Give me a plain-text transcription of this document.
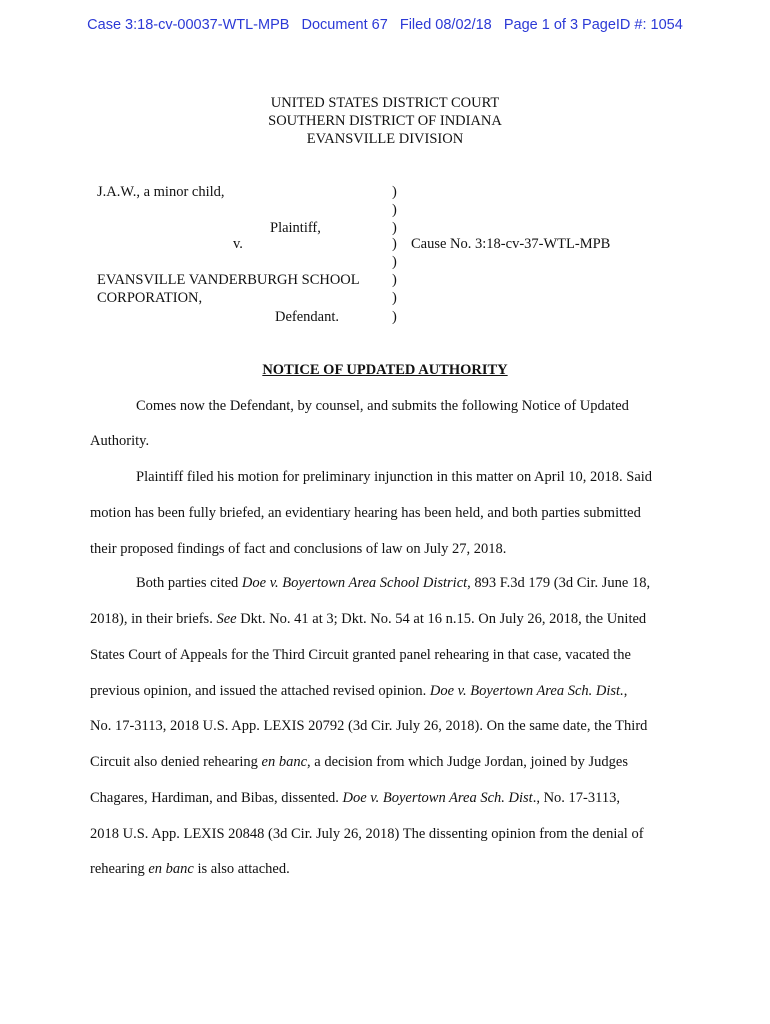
Case 3:18-cv-00037-WTL-MPB   Document 67   Filed 08/02/18   Page 1 of 3 PageID #: 1054
UNITED STATES DISTRICT COURT
SOUTHERN DISTRICT OF INDIANA
EVANSVILLE DIVISION
J.A.W., a minor child,
Plaintiff,
v.
EVANSVILLE VANDERBURGH SCHOOL
CORPORATION,
Defendant.
)
)
)
)
)
)
)
)
Cause No. 3:18-cv-37-WTL-MPB
NOTICE OF UPDATED AUTHORITY
Comes now the Defendant, by counsel, and submits the following Notice of Updated
Authority.
Plaintiff filed his motion for preliminary injunction in this matter on April 10, 2018. Said
motion has been fully briefed, an evidentiary hearing has been held, and both parties submitted
their proposed findings of fact and conclusions of law on July 27, 2018.
Both parties cited Doe v. Boyertown Area School District, 893 F.3d 179 (3d Cir. June 18,
2018), in their briefs. See Dkt. No. 41 at 3; Dkt. No. 54 at 16 n.15. On July 26, 2018, the United
States Court of Appeals for the Third Circuit granted panel rehearing in that case, vacated the
previous opinion, and issued the attached revised opinion. Doe v. Boyertown Area Sch. Dist.,
No. 17-3113, 2018 U.S. App. LEXIS 20792 (3d Cir. July 26, 2018). On the same date, the Third
Circuit also denied rehearing en banc, a decision from which Judge Jordan, joined by Judges
Chagares, Hardiman, and Bibas, dissented. Doe v. Boyertown Area Sch. Dist., No. 17-3113,
2018 U.S. App. LEXIS 20848 (3d Cir. July 26, 2018) The dissenting opinion from the denial of
rehearing en banc is also attached.
